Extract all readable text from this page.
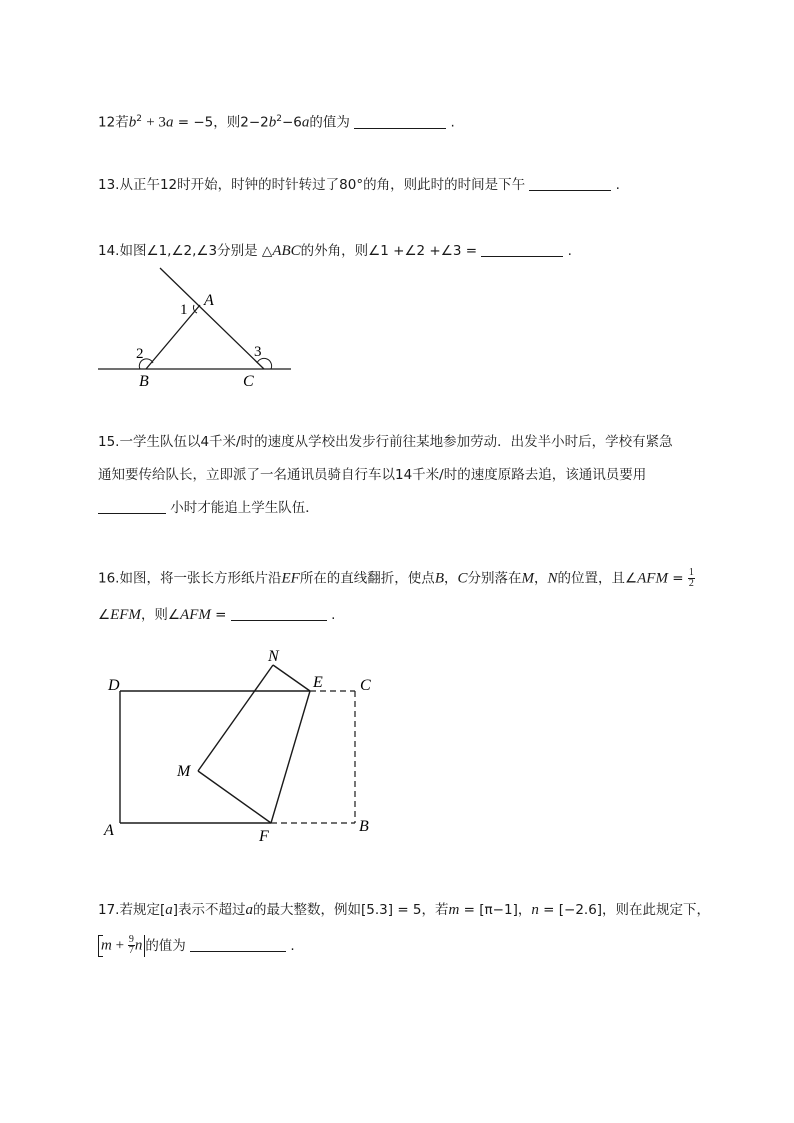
12若$b^2 + 3a = -5$，则$2-2b^2-6a$的值为	.
13.从正午12时开始，时钟的时针转过了80°的角，则此时的时间是下午	.
14.如图∠1,∠2,∠3分别是 △ABC的外角，则∠1 +∠2 +∠3 =	.
A
B	C
1
2	3
D
A	F
B
C
E
N
M
15.一学生队伍以4千米/时的速度从学校出发步行前往某地参加劳动．出发半小时后，学校有紧急
通知要传给队长，立即派了一名通讯员骑自行车以14千米/时的速度原路去追，该通讯员要用
小时才能追上学生队伍．
16.如图，将一张长方形纸片沿EF所在的直线翻折，使点B，C分别落在M，N的位置，且∠AFM = $\frac{1}{2}$
∠EFM，则∠AFM =	.
17.若规定[a]表示不超过a的最大整数，例如[5.3] = 5，若m = [π−1]，n = [−2.6]，则在此规定下，
$m + \frac{9}{7}$ n 的值为	.
